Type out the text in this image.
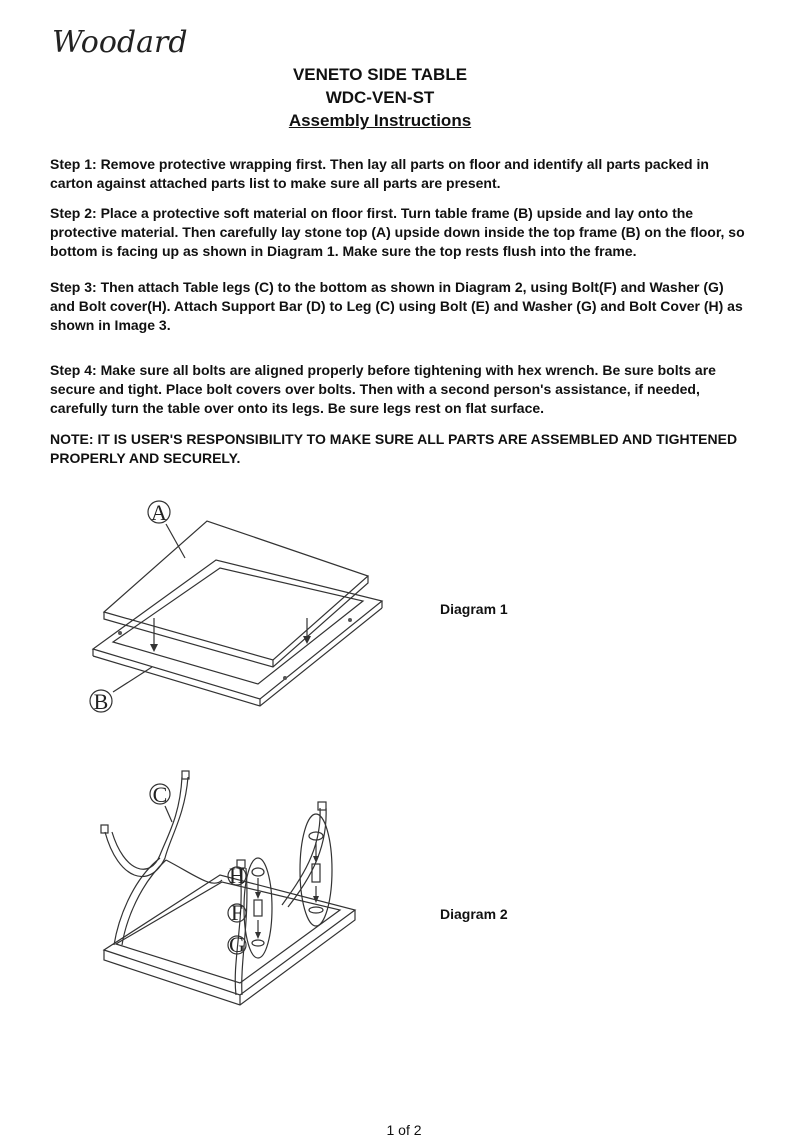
Woodard
VENETO SIDE TABLE
WDC-VEN-ST
Assembly Instructions

Step 1: Remove protective wrapping first. Then lay all parts on floor and identify all parts packed in carton against attached parts list to make sure all parts are present.

Step 2: Place a protective soft material on floor first. Turn table frame (B) upside and lay onto the protective material. Then carefully lay stone top (A) upside down inside the top frame (B) on the floor, so bottom is facing up as shown in Diagram 1. Make sure the top rests flush into the frame.

Step 3: Then attach Table legs (C) to the bottom as shown in Diagram 2, using Bolt(F) and Washer (G) and Bolt cover(H). Attach Support Bar (D) to Leg (C) using Bolt (E) and Washer (G) and Bolt Cover (H) as shown in Image 3.

Step 4: Make sure all bolts are aligned properly before tightening with hex wrench. Be sure bolts are secure and tight. Place bolt covers over bolts. Then with a second person's assistance, if needed, carefully turn the table over onto its legs. Be sure legs rest on flat surface.

NOTE: IT IS USER'S RESPONSIBILITY TO MAKE SURE ALL PARTS ARE ASSEMBLED AND TIGHTENED PROPERLY AND SECURELY.

A
B
Diagram 1
C
H
F
G
Diagram 2
1 of 2
